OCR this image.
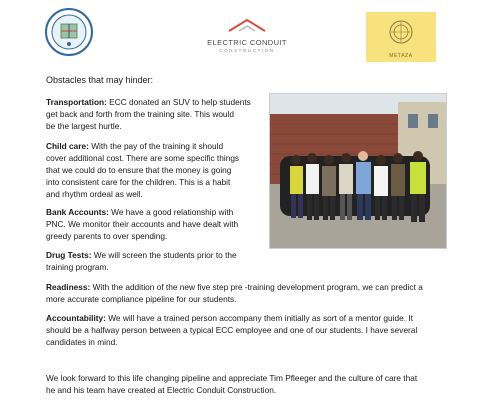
ELECTRIC CONDUIT
CONSTRUCTION
METAZA
Obstacles that may hinder:

Transportation: ECC donated an SUV to help students
get back and forth from the training site. This would
be the largest hurtle.

Child care: With the pay of the training it should
cover additional cost. There are some specific things
that we could do to ensure that the money is going
into consistent care for the children. This is a habit
and rhythm ordeal as well.

Bank Accounts: We have a good relationship with
PNC. We monitor their accounts and have dealt with
greedy parents to over spending.

Drug Tests: We will screen the students prior to the
training program.

Readiness: With the addition of the new five step pre -training development program, we can predict a
more accurate compliance pipeline for our students.

Accountability: We will have a trained person accompany them initially as sort of a mentor guide. It
should be a halfway person between a typical ECC employee and one of our students. I have several
candidates in mind.

We look forward to this life changing pipeline and appreciate Tim Pfleeger and the culture of care that
he and his team have created at Electric Conduit Construction.
